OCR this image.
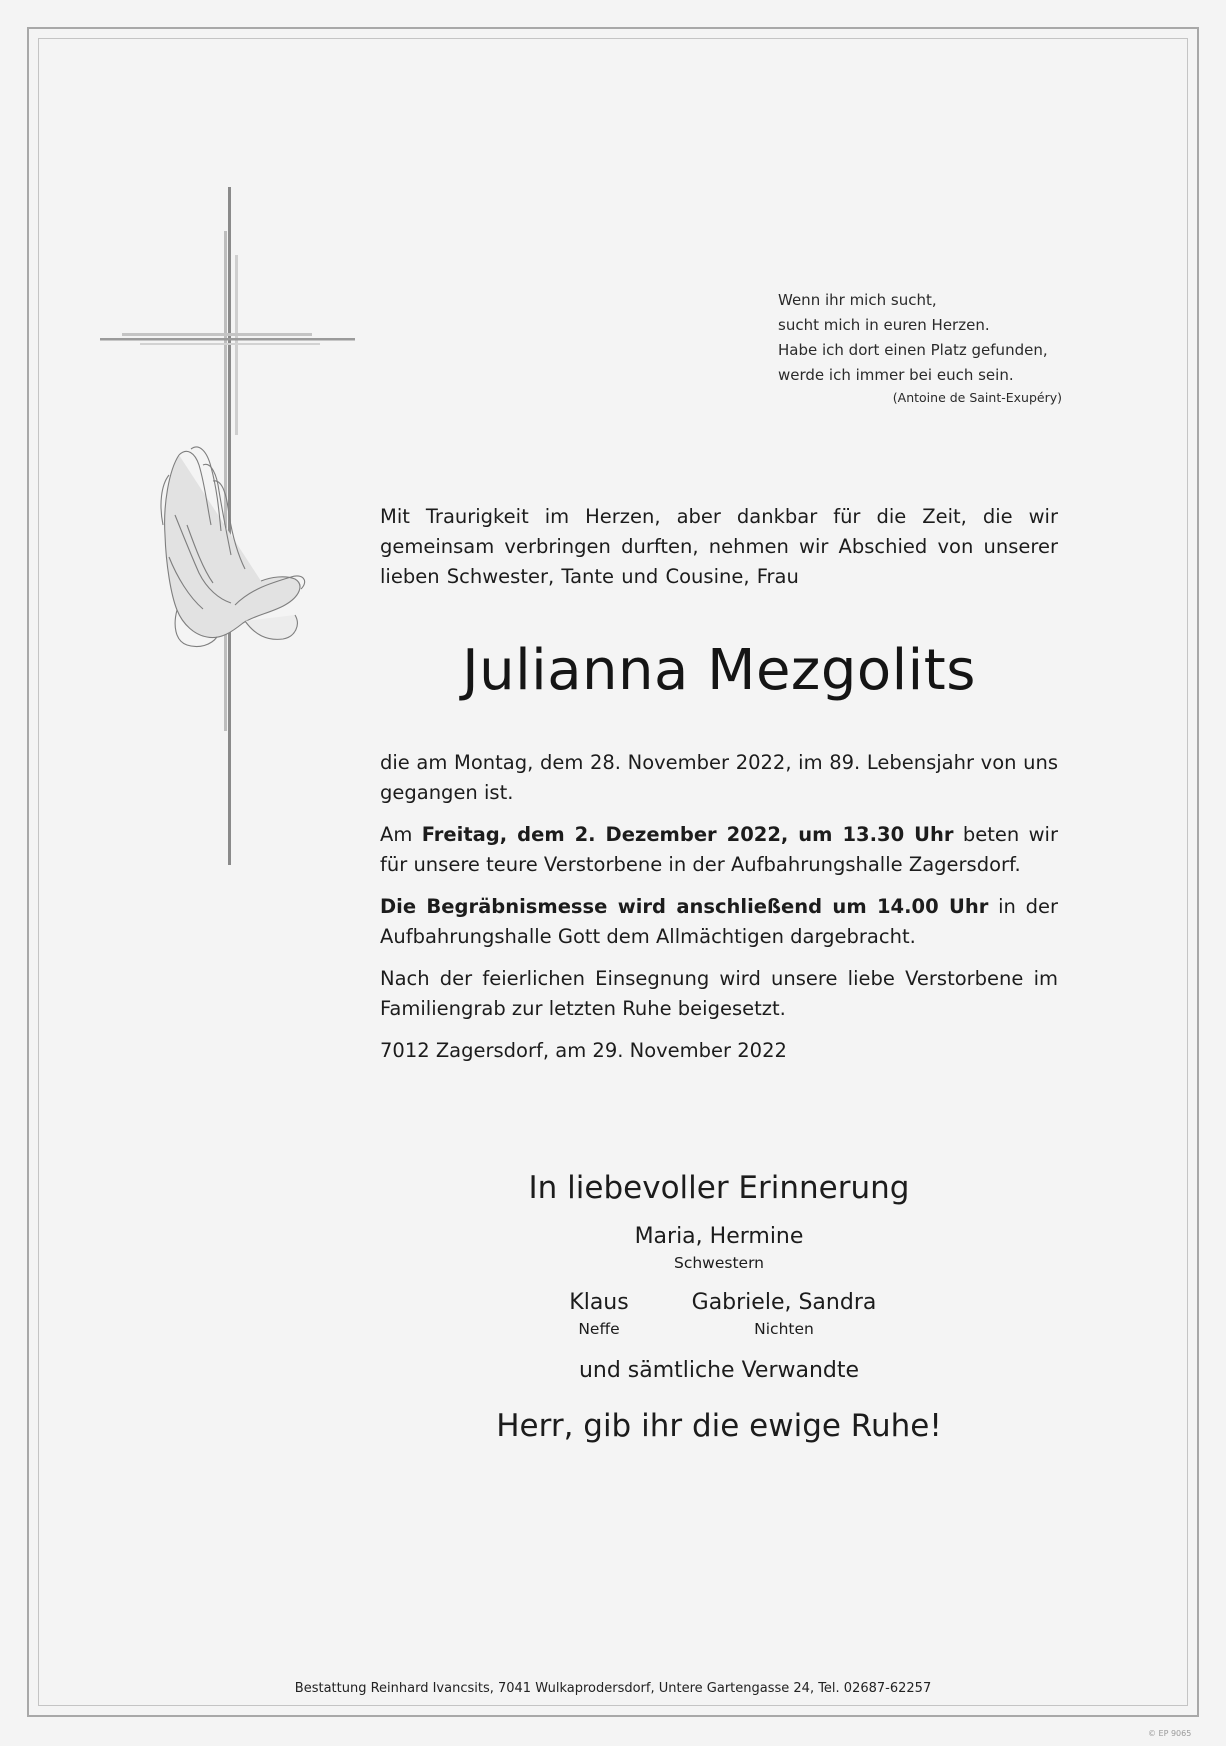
Wenn ihr mich sucht,
sucht mich in euren Herzen.
Habe ich dort einen Platz gefunden,
werde ich immer bei euch sein.
(Antoine de Saint-Exupéry)
Mit Traurigkeit im Herzen, aber dankbar für die Zeit, die wir gemeinsam verbringen durften, nehmen wir Abschied von unserer lieben Schwester, Tante und Cousine, Frau
Julianna Mezgolits

die am Montag, dem 28. November 2022, im 89. Lebensjahr von uns gegangen ist.

Am Freitag, dem 2. Dezember 2022, um 13.30 Uhr beten wir für unsere teure Verstorbene in der Aufbahrungshalle Zagersdorf.

Die Begräbnismesse wird anschließend um 14.00 Uhr in der Aufbahrungshalle Gott dem Allmächtigen dargebracht.

Nach der feierlichen Einsegnung wird unsere liebe Verstorbene im Familiengrab zur letzten Ruhe beigesetzt.

7012 Zagersdorf, am 29. November 2022

In liebevoller Erinnerung
Maria, Hermine
Schwestern
Klaus
Neffe
Gabriele, Sandra
Nichten
und sämtliche Verwandte
Herr, gib ihr die ewige Ruhe!
Bestattung Reinhard Ivancsits, 7041 Wulkaprodersdorf, Untere Gartengasse 24, Tel. 02687-62257
© EP 9065
